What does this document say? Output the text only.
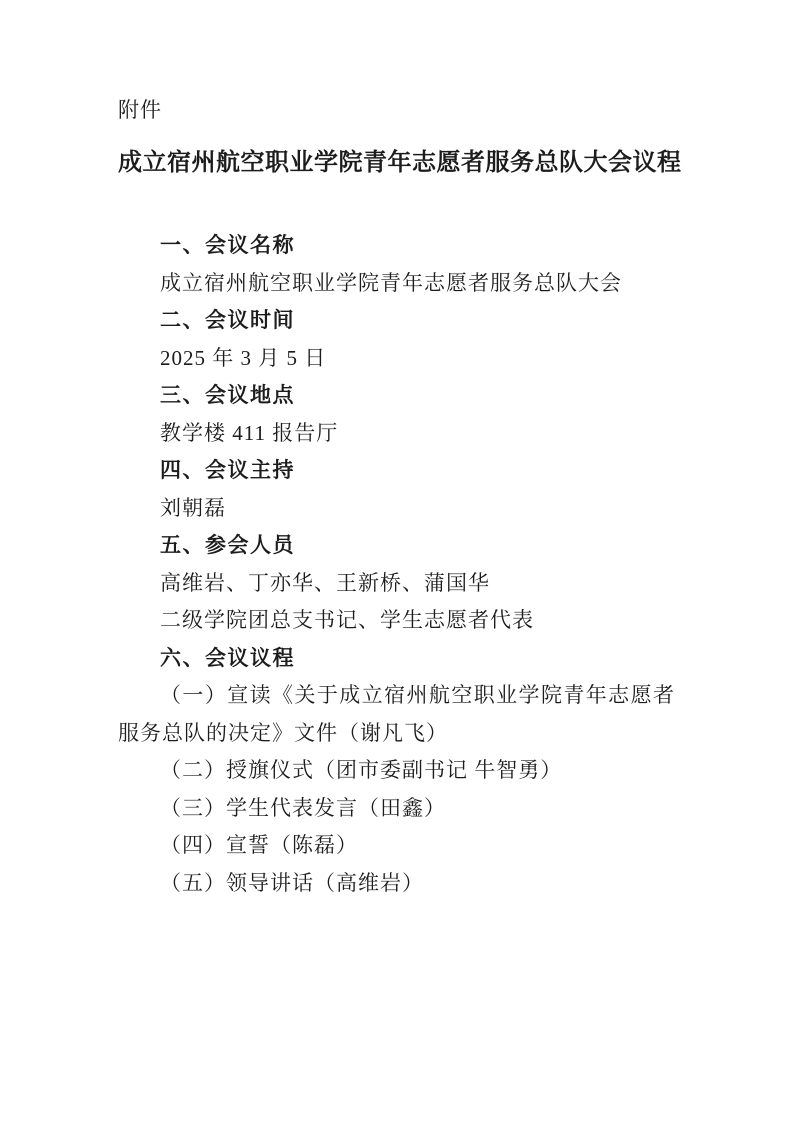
附件

成立宿州航空职业学院青年志愿者服务总队大会议程

一、会议名称

成立宿州航空职业学院青年志愿者服务总队大会

二、会议时间

2025 年 3 月 5 日

三、会议地点

教学楼 411 报告厅

四、会议主持

刘朝磊

五、参会人员

高维岩、丁亦华、王新桥、蒲国华

二级学院团总支书记、学生志愿者代表

六、会议议程

（一）宣读《关于成立宿州航空职业学院青年志愿者服务总队的决定》文件（谢凡飞）

（二）授旗仪式（团市委副书记 牛智勇）

（三）学生代表发言（田鑫）

（四）宣誓（陈磊）

（五）领导讲话（高维岩）
